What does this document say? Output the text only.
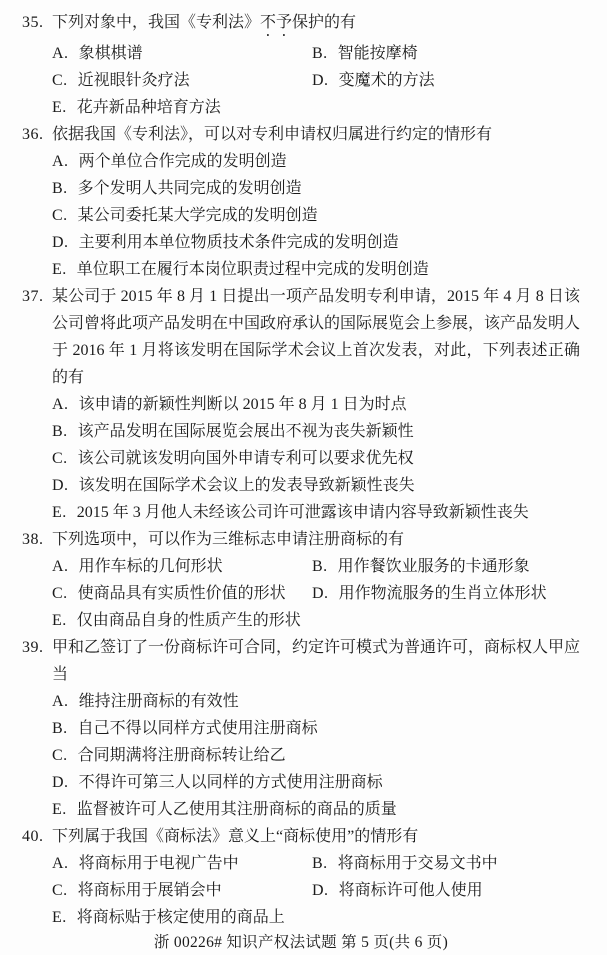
35. 下列对象中，我国《专利法》不予保护的有
A. 象棋棋谱	B. 智能按摩椅
C. 近视眼针灸疗法	D. 变魔术的方法
E. 花卉新品种培育方法
36. 依据我国《专利法》，可以对专利申请权归属进行约定的情形有
A. 两个单位合作完成的发明创造
B. 多个发明人共同完成的发明创造
C. 某公司委托某大学完成的发明创造
D. 主要利用本单位物质技术条件完成的发明创造
E. 单位职工在履行本岗位职责过程中完成的发明创造
37. 某公司于 2015 年 8 月 1 日提出一项产品发明专利申请，2015 年 4 月 8 日该公司曾将此项产品发明在中国政府承认的国际展览会上参展，该产品发明人于 2016 年 1 月将该发明在国际学术会议上首次发表，对此，下列表述正确的有
A. 该申请的新颖性判断以 2015 年 8 月 1 日为时点
B. 该产品发明在国际展览会展出不视为丧失新颖性
C. 该公司就该发明向国外申请专利可以要求优先权
D. 该发明在国际学术会议上的发表导致新颖性丧失
E. 2015 年 3 月他人未经该公司许可泄露该申请内容导致新颖性丧失
38. 下列选项中，可以作为三维标志申请注册商标的有
A. 用作车标的几何形状	B. 用作餐饮业服务的卡通形象
C. 使商品具有实质性价值的形状	D. 用作物流服务的生肖立体形状
E. 仅由商品自身的性质产生的形状
39. 甲和乙签订了一份商标许可合同，约定许可模式为普通许可，商标权人甲应当
A. 维持注册商标的有效性
B. 自己不得以同样方式使用注册商标
C. 合同期满将注册商标转让给乙
D. 不得许可第三人以同样的方式使用注册商标
E. 监督被许可人乙使用其注册商标的商品的质量
40. 下列属于我国《商标法》意义上“商标使用”的情形有
A. 将商标用于电视广告中	B. 将商标用于交易文书中
C. 将商标用于展销会中	D. 将商标许可他人使用
E. 将商标贴于核定使用的商品上
浙 00226# 知识产权法试题 第 5 页(共 6 页)
